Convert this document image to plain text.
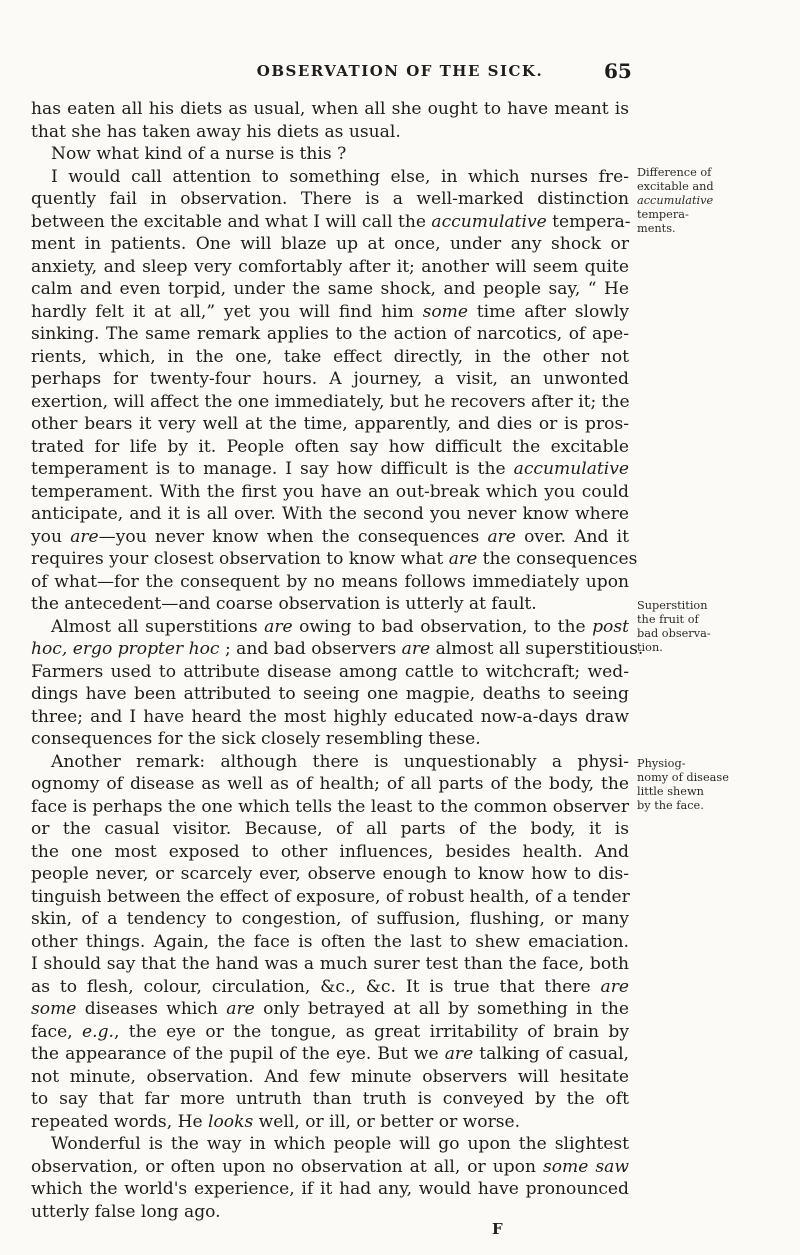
OBSERVATION OF THE SICK.	65
has eaten all his diets as usual, when all she ought to have meant is
that she has taken away his diets as usual.
Now what kind of a nurse is this ?
I would call attention to something else, in which nurses fre-
quently fail in observation. There is a well-marked distinction
between the excitable and what I will call the accumulative tempera-
ment in patients. One will blaze up at once, under any shock or
anxiety, and sleep very comfortably after it; another will seem quite
calm and even torpid, under the same shock, and people say, “ He
hardly felt it at all,” yet you will find him some time after slowly
sinking. The same remark applies to the action of narcotics, of ape-
rients, which, in the one, take effect directly, in the other not
perhaps for twenty-four hours. A journey, a visit, an unwonted
exertion, will affect the one immediately, but he recovers after it; the
other bears it very well at the time, apparently, and dies or is pros-
trated for life by it. People often say how difficult the excitable
temperament is to manage. I say how difficult is the accumulative
temperament. With the first you have an out-break which you could
anticipate, and it is all over. With the second you never know where
you are—you never know when the consequences are over. And it
requires your closest observation to know what are the consequences
of what—for the consequent by no means follows immediately upon
the antecedent—and coarse observation is utterly at fault.
Almost all superstitions are owing to bad observation, to the post
hoc, ergo propter hoc ; and bad observers are almost all superstitious.
Farmers used to attribute disease among cattle to witchcraft; wed-
dings have been attributed to seeing one magpie, deaths to seeing
three; and I have heard the most highly educated now-a-days draw
consequences for the sick closely resembling these.
Another remark: although there is unquestionably a physi-
ognomy of disease as well as of health; of all parts of the body, the
face is perhaps the one which tells the least to the common observer
or the casual visitor. Because, of all parts of the body, it is
the one most exposed to other influences, besides health. And
people never, or scarcely ever, observe enough to know how to dis-
tinguish between the effect of exposure, of robust health, of a tender
skin, of a tendency to congestion, of suffusion, flushing, or many
other things. Again, the face is often the last to shew emaciation.
I should say that the hand was a much surer test than the face, both
as to flesh, colour, circulation, &c., &c. It is true that there are
some diseases which are only betrayed at all by something in the
face, e.g., the eye or the tongue, as great irritability of brain by
the appearance of the pupil of the eye. But we are talking of casual,
not minute, observation. And few minute observers will hesitate
to say that far more untruth than truth is conveyed by the oft
repeated words, He looks well, or ill, or better or worse.
Wonderful is the way in which people will go upon the slightest
observation, or often upon no observation at all, or upon some saw
which the world's experience, if it had any, would have pronounced
utterly false long ago.
Difference of
excitable and
accumulative
tempera-
ments.
Superstition
the fruit of
bad observa-
tion.
Physiog-
nomy of disease
little shewn
by the face.
F
